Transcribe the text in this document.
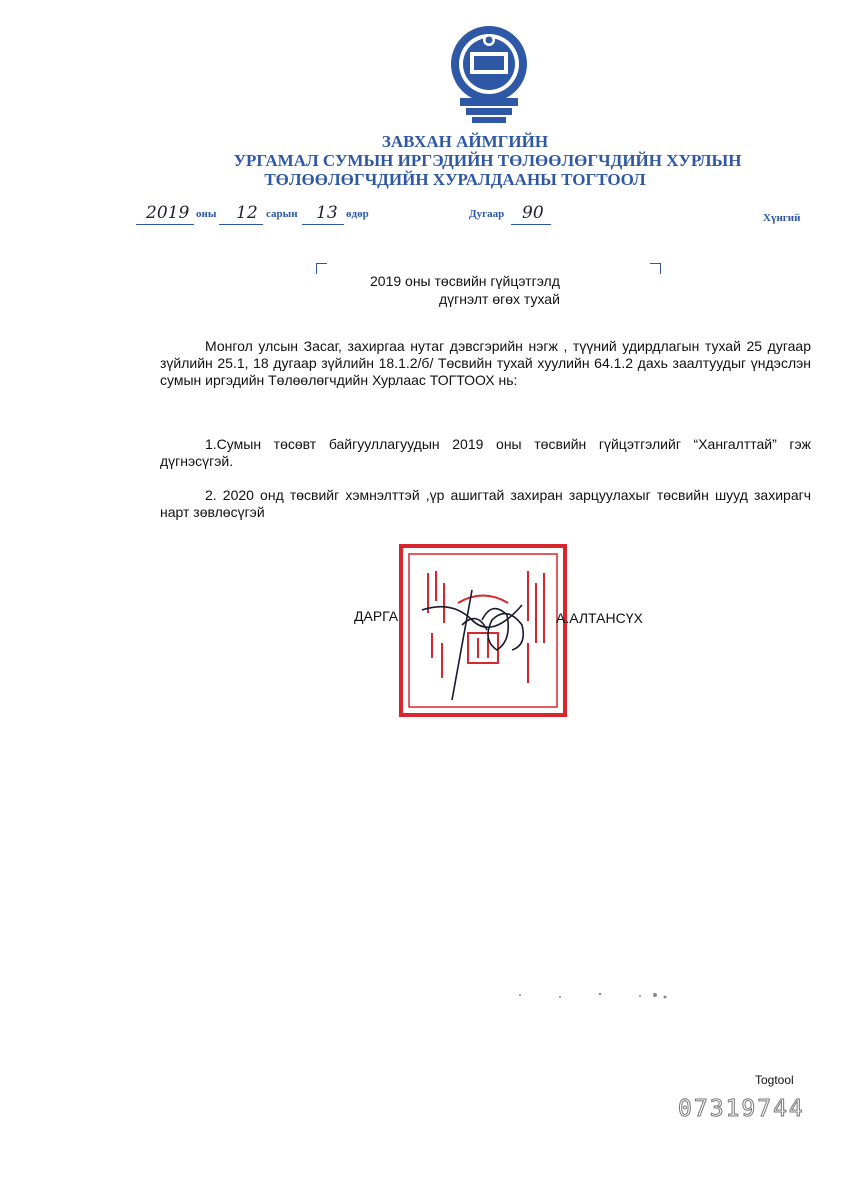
ЗАВХАН АЙМГИЙН
УРГАМАЛ СУМЫН ИРГЭДИЙН ТӨЛӨӨЛӨГЧДИЙН ХУРЛЫН
ТӨЛӨӨЛӨГЧДИЙН ХУРАЛДААНЫ ТОГТООЛ
2019 оны 12 сарын 13 өдөр	Дугаар 90	Хүнгий
2019 оны төсвийн гүйцэтгэлд
дүгнэлт өгөх тухай
Монгол улсын Засаг, захиргаа нутаг дэвсгэрийн нэгж , түүний удирдлагын тухай 25 дугаар зүйлийн 25.1, 18 дугаар зүйлийн 18.1.2/б/ Төсвийн тухай хуулийн 64.1.2 дахь заалтуудыг үндэслэн сумын иргэдийн Төлөөлөгчдийн Хурлаас ТОГТООХ нь:
1.Сумын төсөвт байгууллагуудын 2019 оны төсвийн гүйцэтгэлийг “Хангалттай” гэж дүгнэсүгэй.
2. 2020 онд төсвийг хэмнэлттэй ,үр ашигтай захиран зарцуулахыг төсвийн шууд захирагч нарт зөвлөсүгэй
ДАРГА	А.АЛТАНСҮХ
Togtool
07319744
